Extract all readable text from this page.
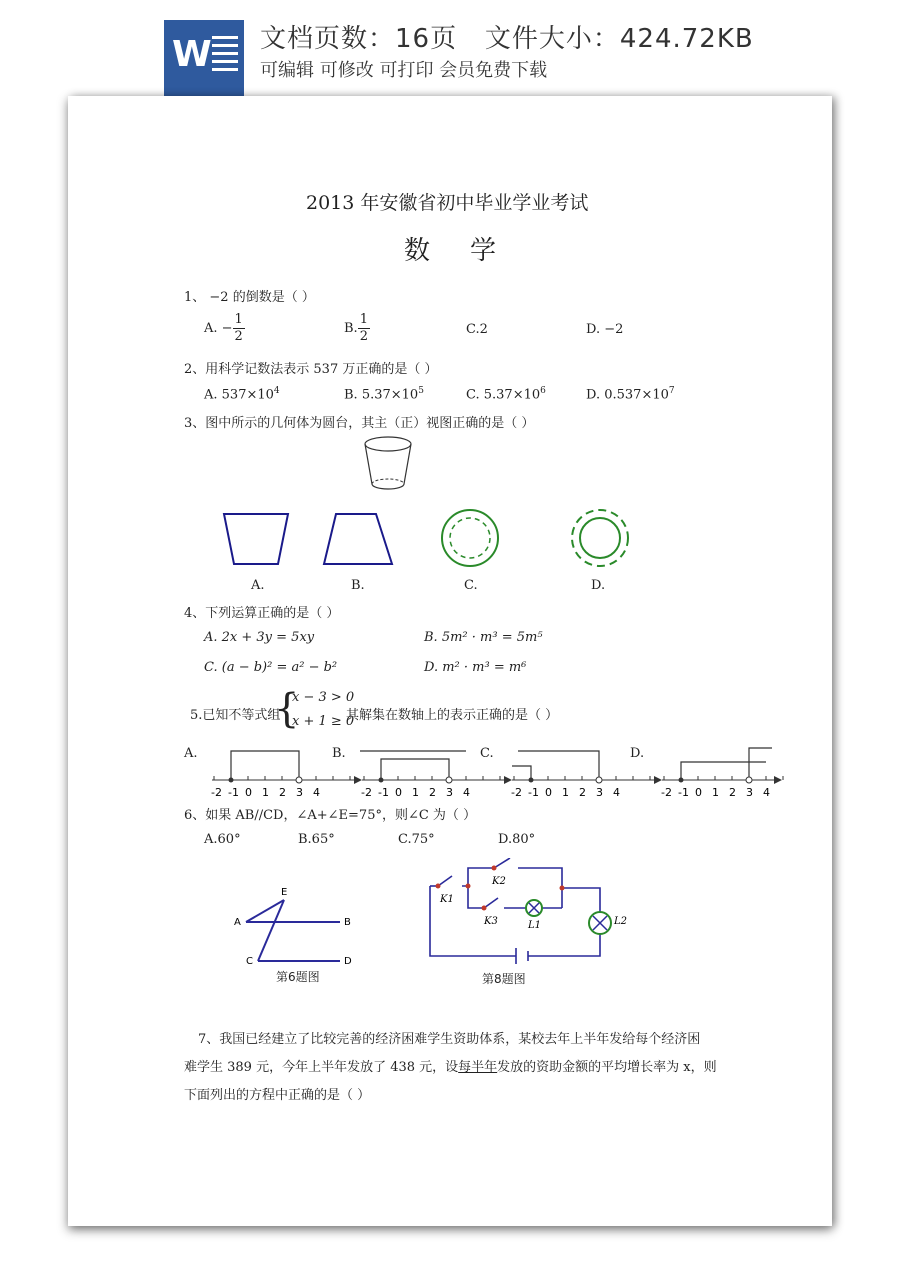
W 文档页数：16页   文件大小：424.72KB
可编辑 可修改 可打印 会员免费下载
2013 年安徽省初中毕业学业考试
数学
1、 −2 的倒数是（ ）
A. − $\frac{1}{2}$	B. $\frac{1}{2}$	C.2	D. −2
2、用科学记数法表示 537 万正确的是（ ）
A. $537\times 10^4$	B. $5.37\times 10^5$	C. $5.37\times 10^6$	D. $0.537\times 10^7$
3、图中所示的几何体为圆台，其主（正）视图正确的是（ ）
A.	B.	C.	D.
4、下列运算正确的是（ ）
A. 2x + 3y = 5xy	B. 5m² · m³ = 5m⁵
C. (a − b)² = a² − b²	D. m² · m³ = m⁶
5.已知不等式组
{
x − 3 > 0
x + 1 ≥ 0
其解集在数轴上的表示正确的是（ ）
A.	B.	C.	D.
-2 -1 0 1 2 3 4	-2 -1 0 1 2 3 4	-2 -1 0 1 2 3 4	-2 -1 0 1 2 3 4
6、如果 AB//CD，∠A+∠E=75°，则∠C 为（ ）
A.60°	B.65°	C.75°	D.80°
E
A	B
C	D
第6题图
K1
K2
K3	L1	L2
第8题图
7、我国已经建立了比较完善的经济困难学生资助体系，某校去年上半年发给每个经济困
难学生 389 元，今年上半年发放了 438 元，设每半年发放的资助金额的平均增长率为 x，则
下面列出的方程中正确的是（ ）
